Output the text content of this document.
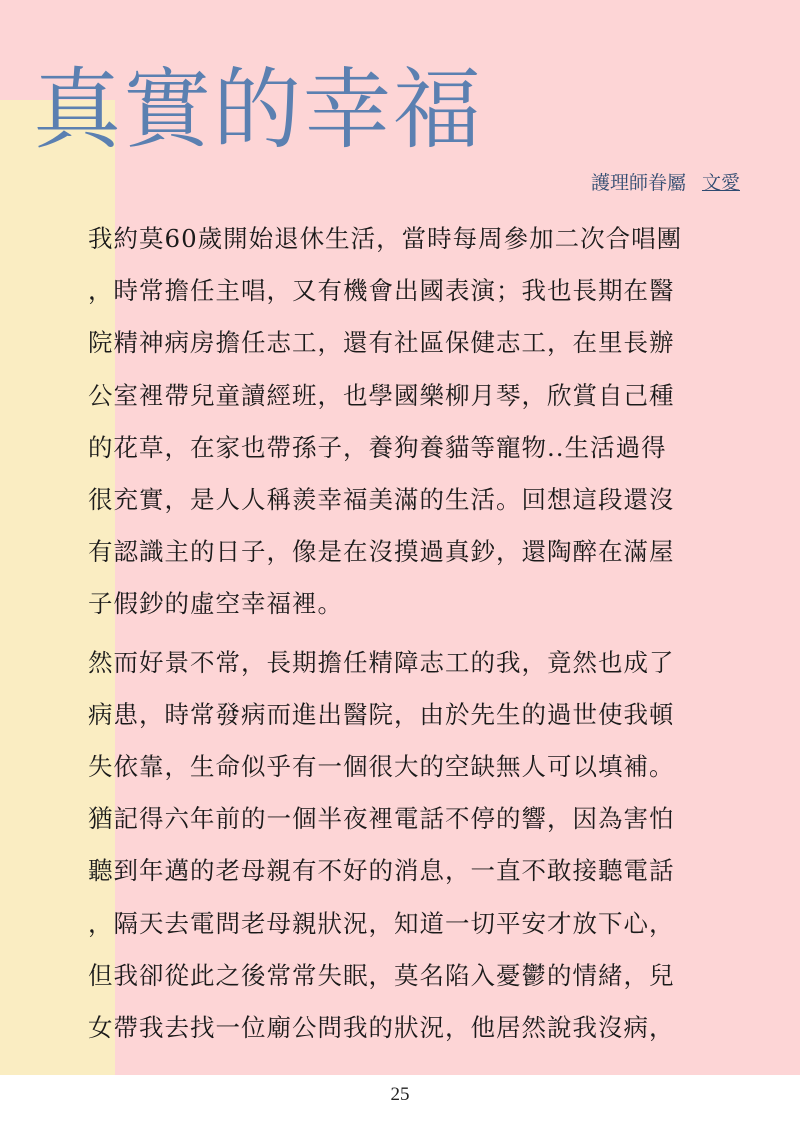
真實的幸福
護理師眷屬 文愛
我約莫60歲開始退休生活，當時每周參加二次合唱團
，時常擔任主唱，又有機會出國表演；我也長期在醫
院精神病房擔任志工，還有社區保健志工，在里長辦
公室裡帶兒童讀經班，也學國樂柳月琴，欣賞自己種
的花草，在家也帶孫子，養狗養貓等寵物..生活過得
很充實，是人人稱羨幸福美滿的生活。回想這段還沒
有認識主的日子，像是在沒摸過真鈔，還陶醉在滿屋
子假鈔的虛空幸福裡。
然而好景不常，長期擔任精障志工的我，竟然也成了
病患，時常發病而進出醫院，由於先生的過世使我頓
失依靠，生命似乎有一個很大的空缺無人可以填補。
猶記得六年前的一個半夜裡電話不停的響，因為害怕
聽到年邁的老母親有不好的消息，一直不敢接聽電話
，隔天去電問老母親狀況，知道一切平安才放下心，
但我卻從此之後常常失眠，莫名陷入憂鬱的情緒，兒
女帶我去找一位廟公問我的狀況，他居然說我沒病，
25
